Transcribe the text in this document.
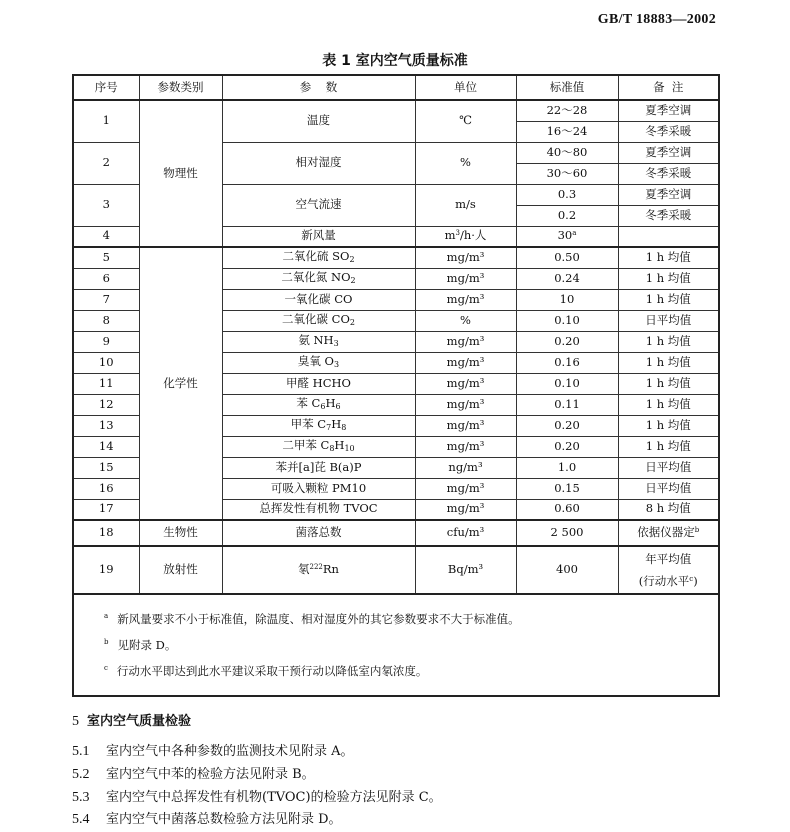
GB/T 18883—2002
表 1 室内空气质量标准
序号	参数类别	参    数	单位	标准值	备  注
1	物理性	温度	℃	22～28	夏季空调
				16～24	冬季采暖
2		相对湿度	%	40～80	夏季空调
				30～60	冬季采暖
3		空气流速	m/s	0.3	夏季空调
				0.2	冬季采暖
4		新风量	$m^3/h\cdot$人	30$^a$	
5	化学性	二氧化硫 $SO_2$	mg/m³	0.50	1 h 均值
6		二氧化氮 $NO_2$	mg/m³	0.24	1 h 均值
7		一氧化碳 CO	mg/m³	10	1 h 均值
8		二氧化碳 $CO_2$	%	0.10	日平均值
9		氨 $NH_3$	mg/m³	0.20	1 h 均值
10		臭氧 $O_3$	mg/m³	0.16	1 h 均值
11		甲醛 HCHO	mg/m³	0.10	1 h 均值
12		苯 $C_6H_6$	mg/m³	0.11	1 h 均值
13		甲苯 $C_7H_8$	mg/m³	0.20	1 h 均值
14		二甲苯 $C_8H_{10}$	mg/m³	0.20	1 h 均值
15		苯并[a]芘 B(a)P	ng/m³	1.0	日平均值
16		可吸入颗粒 PM10	mg/m³	0.15	日平均值
17		总挥发性有机物 TVOC	mg/m³	0.60	8 h 均值
18	生物性	菌落总数	cfu/m³	2 500	依据仪器定$^b$
19	放射性	氡$^{222}$Rn	Bq/m³	400	年平均值
(行动水平$^c$)

$^a$ 新风量要求不小于标准值，除温度、相对湿度外的其它参数要求不大于标准值。
$^b$ 见附录 D。
$^c$ 行动水平即达到此水平建议采取干预行动以降低室内氡浓度。					
5 室内空气质量检验
5.1 室内空气中各种参数的监测技术见附录 A。
5.2 室内空气中苯的检验方法见附录 B。
5.3 室内空气中总挥发性有机物(TVOC)的检验方法见附录 C。
5.4 室内空气中菌落总数检验方法见附录 D。
